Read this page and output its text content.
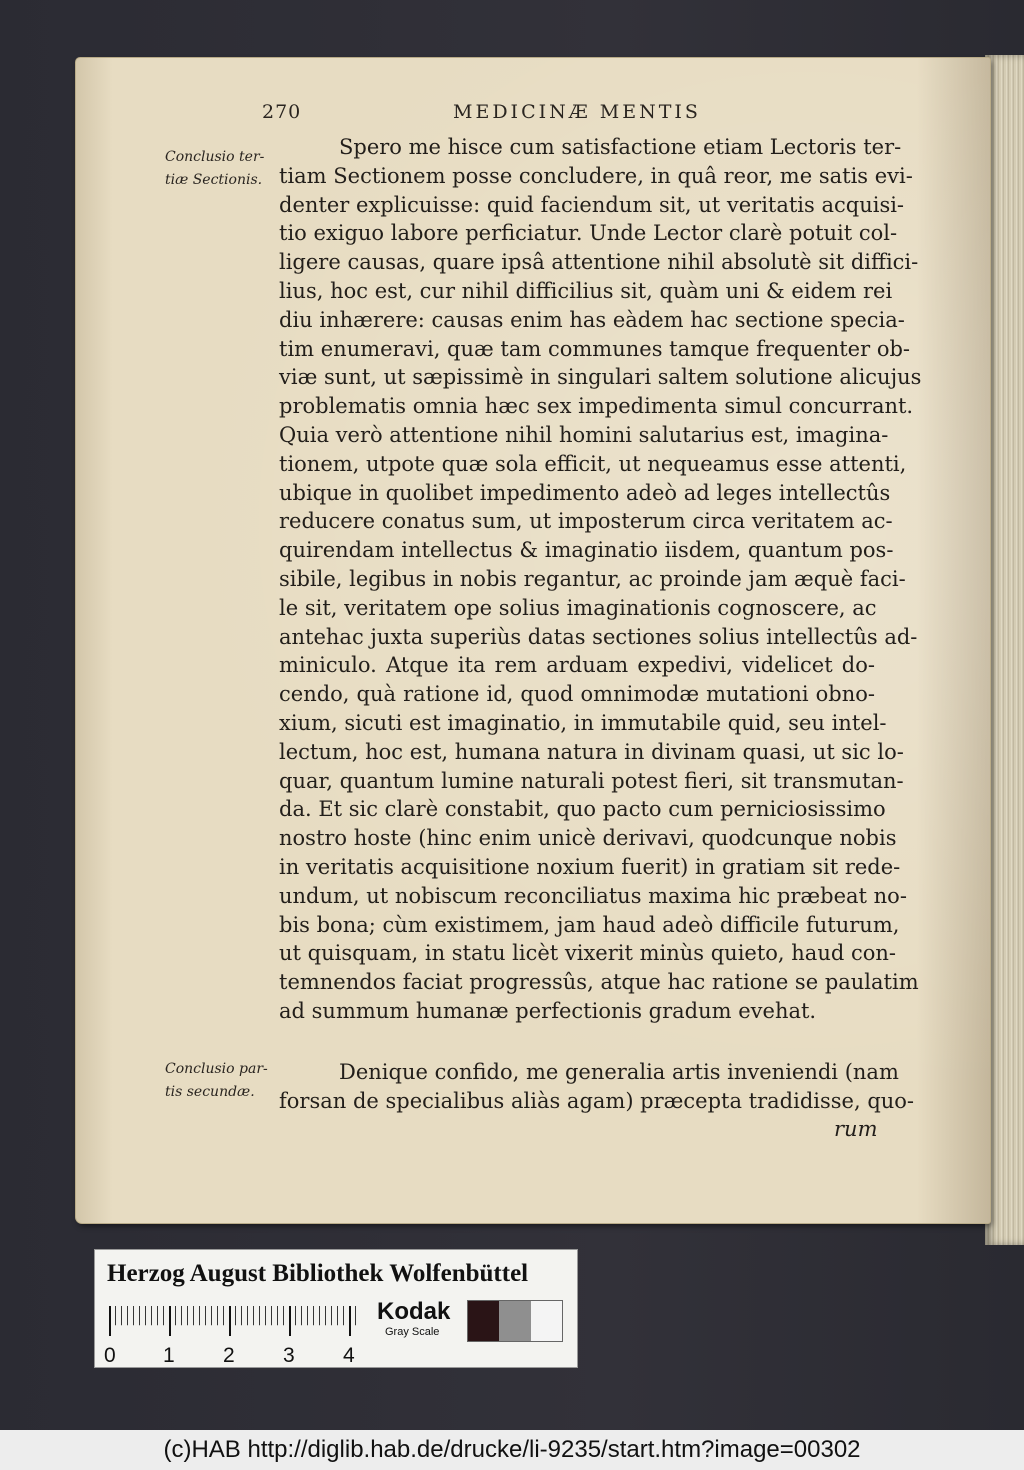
270	MEDICINÆ MENTIS
Conclusio ter-
tiæ Sectionis.
Conclusio par-
tis secundæ.
Spero me hisce cum satisfactione etiam Lectoris ter-
tiam Sectionem posse concludere, in quâ reor, me satis evi-
denter explicuisse: quid faciendum sit, ut veritatis acquisi-
tio exiguo labore perficiatur. Unde Lector clarè potuit col-
ligere causas, quare ipsâ attentione nihil absolutè sit diffici-
lius, hoc est, cur nihil difficilius sit, quàm uni & eidem rei
diu inhærere: causas enim has eàdem hac sectione specia-
tim enumeravi, quæ tam communes tamque frequenter ob-
viæ sunt, ut sæpissimè in singulari saltem solutione alicujus
problematis omnia hæc sex impedimenta simul concurrant.
Quia verò attentione nihil homini salutarius est, imagina-
tionem, utpote quæ sola efficit, ut nequeamus esse attenti,
ubique in quolibet impedimento adeò ad leges intellectûs
reducere conatus sum, ut imposterum circa veritatem ac-
quirendam intellectus & imaginatio iisdem, quantum pos-
sibile, legibus in nobis regantur, ac proinde jam æquè faci-
le sit, veritatem ope solius imaginationis cognoscere, ac
antehac juxta superiùs datas sectiones solius intellectûs ad-
miniculo. Atque ita rem arduam expedivi, videlicet do-
cendo, quà ratione id, quod omnimodæ mutationi obno-
xium, sicuti est imaginatio, in immutabile quid, seu intel-
lectum, hoc est, humana natura in divinam quasi, ut sic lo-
quar, quantum lumine naturali potest fieri, sit transmutan-
da. Et sic clarè constabit, quo pacto cum perniciosissimo
nostro hoste (hinc enim unicè derivavi, quodcunque nobis
in veritatis acquisitione noxium fuerit) in gratiam sit rede-
undum, ut nobiscum reconciliatus maxima hic præbeat no-
bis bona; cùm existimem, jam haud adeò difficile futurum,
ut quisquam, in statu licèt vixerit minùs quieto, haud con-
temnendos faciat progressûs, atque hac ratione se paulatim
ad summum humanæ perfectionis gradum evehat.
Denique confido, me generalia artis inveniendi (nam
forsan de specialibus aliàs agam) præcepta tradidisse, quo-
rum
Herzog August Bibliothek Wolfenbüttel
0 1 2 3 4
Kodak
Gray Scale
(c)HAB http://diglib.hab.de/drucke/li-9235/start.htm?image=00302
